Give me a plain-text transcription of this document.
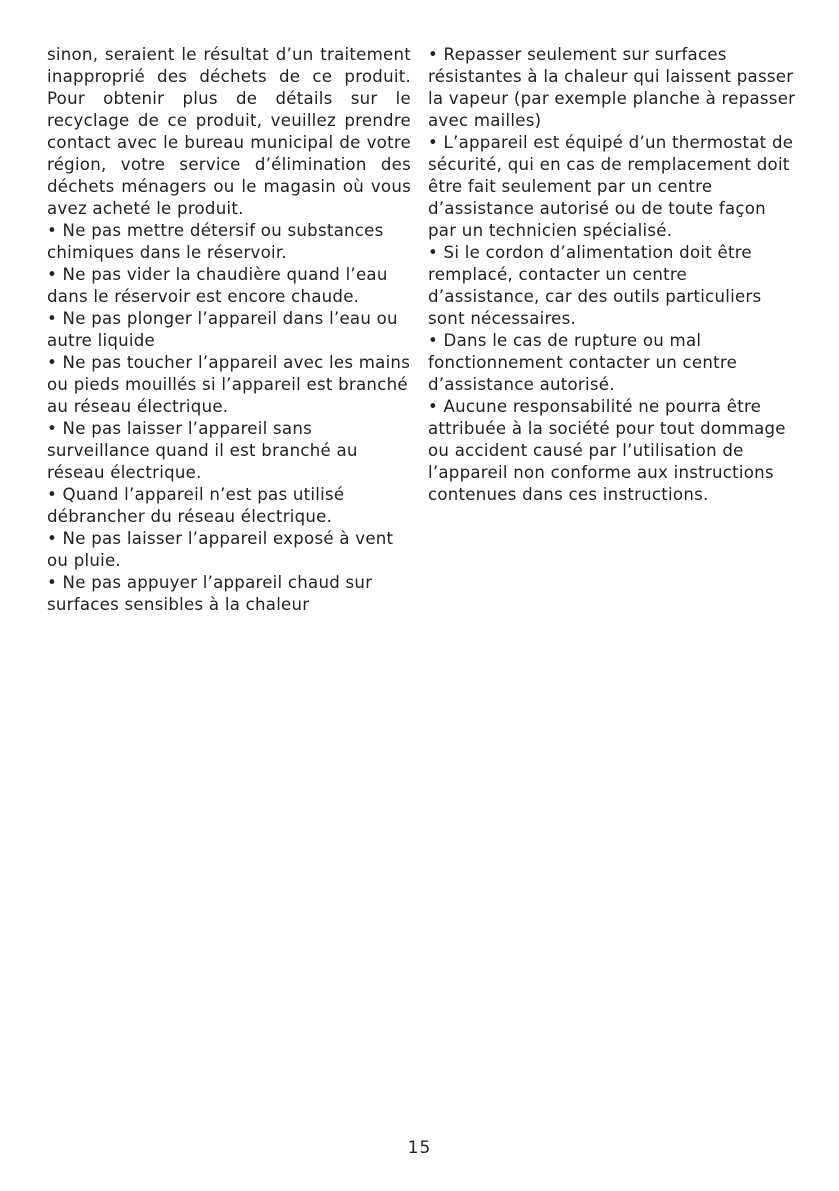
sinon, seraient le résultat d’un traitement inapproprié des déchets de ce produit. Pour obtenir plus de détails sur le recyclage de ce produit, veuillez prendre contact avec le bureau municipal de votre région, votre service d’élimination des déchets ménagers ou le magasin où vous avez acheté le produit.

• Ne pas mettre détersif ou substances chimiques dans le réservoir.

• Ne pas vider la chaudière quand l’eau dans le réservoir est encore chaude.

• Ne pas plonger l’appareil dans l’eau ou autre liquide

• Ne pas toucher l’appareil avec les mains ou pieds mouillés si l’appareil est branché au réseau électrique.

• Ne pas laisser l’appareil sans surveillance quand il est branché au réseau électrique.

• Quand l’appareil n’est pas utilisé débrancher du réseau électrique.

• Ne pas laisser l’appareil exposé à vent ou pluie.

• Ne pas appuyer l’appareil chaud sur surfaces sensibles à la chaleur

• Repasser seulement sur surfaces résistantes à la chaleur qui laissent passer la vapeur (par exemple planche à repasser avec mailles)

• L’appareil est équipé d’un thermostat de sécurité, qui en cas de remplacement doit être fait seulement par un centre d’assistance autorisé ou de toute façon par un technicien spécialisé.

• Si le cordon d’alimentation doit être remplacé, contacter un centre d’assistance, car des outils particuliers sont nécessaires.

• Dans le cas de rupture ou mal fonctionnement contacter un centre d’assistance autorisé.

• Aucune responsabilité ne pourra être attribuée à la société pour tout dommage ou accident causé par l’utilisation de l’appareil non conforme aux instructions contenues dans ces instructions.

15
